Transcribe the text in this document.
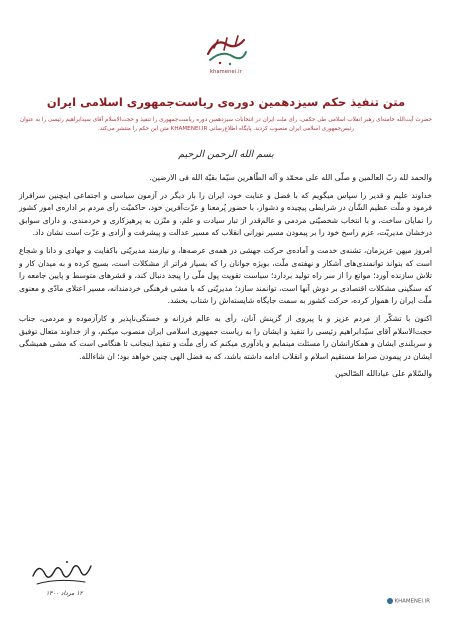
khamenei.ir
متن تنفیذ حکم سیزدهمین دوره‌ی ریاست‌جمهوری اسلامی ایران
حضرت آیت‌الله خامنه‌ای رهبر انقلاب اسلامی طی حکمی، رأی ملت ایران در انتخابات سیزدهمین دوره ریاست‌جمهوری را تنفیذ و حجت‌الاسلام آقای سیدابراهیم رئیسی را به عنوان رئیس‌جمهوری اسلامی ایران منصوب کردند. پایگاه اطلاع‌رسانی KHAMENEI.IR متن این حکم را منتشر می‌کند.
بسم الله الرحمن الرحیم

والحمد لله ربّ العالمین و صلّی الله علی محمّد و آله الطّاهرین سیّما بقیّة الله فی الارضین.

خداوند علیم و قدیر را سپاس میگویم که با فضل و عنایت خود، ایران را بار دیگر در آزمون سیاسی و اجتماعی اینچنین سرافراز فرمود و ملّت عظیم الشّأن در شرایطی پیچیده و دشوار، با حضور پُرمعنا و عزّت‌آفرین خود، حاکمیّت رأی مردم بر اداره‌ی امور کشور را نمایان ساخت، و با انتخاب شخصیّتی مردمی و عالم‌قدر از تبار سیادت و علم، و متّزن به پرهیزکاری و خردمندی، و دارای سوابق درخشان مدیریّت، عزم راسخ خود را بر پیمودن مسیر نورانی انقلاب که مسیر عدالت و پیشرفت و آزادی و عزّت است نشان داد.

امروز میهن عزیزمان، تشنه‌ی خدمت و آماده‌ی حرکت جهشی در همه‌ی عرصه‌ها، و نیازمند مدیریّتی باکفایت و جهادی و دانا و شجاع است که بتواند توانمندی‌های آشکار و نهفته‌ی ملّت، بویژه جوانان را که بسیار فراتر از مشکلات است، بسیج کرده و به میدان کار و تلاش سازنده آورد؛ موانع را از سر راه تولید بردارد؛ سیاست تقویت پول ملّی را پیجد دنبال کند، و قشرهای متوسط و پایین جامعه را که سنگینی مشکلات اقتصادی بر دوش آنها است، توانمند سازد؛ مدیریّتی که با مشی فرهنگی خردمندانه، مسیر اعتلای مادّی و معنوی ملّت ایران را هموار کرده، حرکت کشور به سمت جایگاه شایسته‌اش را شتاب بخشد.

اکنون با تشکّر از مردم عزیز و با پیروی از گزینش آنان، رأی به عالم فرزانه و خستگی‌ناپذیر و کارآزموده و مردمی، جناب حجت‌الاسلام آقای سیّدابراهیم رئیسی را تنفیذ و ایشان را به ریاست جمهوری اسلامی ایران منصوب میکنم، و از خداوند متعال توفیق و سربلندی ایشان و همکارانشان را مسئلت مینمایم و یادآوری میکنم که رأی ملّت و تنفیذ اینجانب تا هنگامی است که مشی همیشگی ایشان در پیمودن صراط مستقیم اسلام و انقلاب ادامه داشته باشد، که به فضل الهی چنین خواهد بود؛ ان شاءالله.

والسّلام علی عبادالله الصّالحین

۱۲ مرداد ۱۴۰۰
KHAMENEI.IR
